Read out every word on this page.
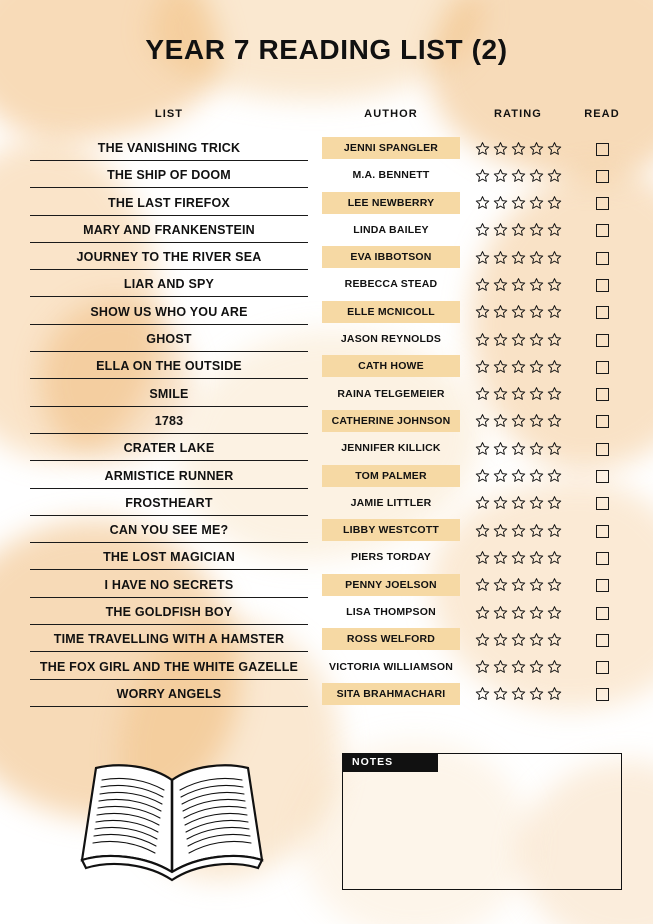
YEAR 7 READING LIST (2)
LIST	AUTHOR	RATING	READ
THE VANISHING TRICK	JENNI SPANGLER
THE SHIP OF DOOM	M.A. BENNETT
THE LAST FIREFOX	LEE NEWBERRY
MARY AND FRANKENSTEIN	LINDA BAILEY
JOURNEY TO THE RIVER SEA	EVA IBBOTSON
LIAR AND SPY	REBECCA STEAD
SHOW US WHO YOU ARE	ELLE MCNICOLL
GHOST	JASON REYNOLDS
ELLA ON THE OUTSIDE	CATH HOWE
SMILE	RAINA TELGEMEIER
1783	CATHERINE JOHNSON
CRATER LAKE	JENNIFER KILLICK
ARMISTICE RUNNER	TOM PALMER
FROSTHEART	JAMIE LITTLER
CAN YOU SEE ME?	LIBBY WESTCOTT
THE LOST MAGICIAN	PIERS TORDAY
I HAVE NO SECRETS	PENNY JOELSON
THE GOLDFISH BOY	LISA THOMPSON
TIME TRAVELLING WITH A HAMSTER	ROSS WELFORD
THE FOX GIRL AND THE WHITE GAZELLE	VICTORIA WILLIAMSON
WORRY ANGELS	SITA BRAHMACHARI
NOTES
